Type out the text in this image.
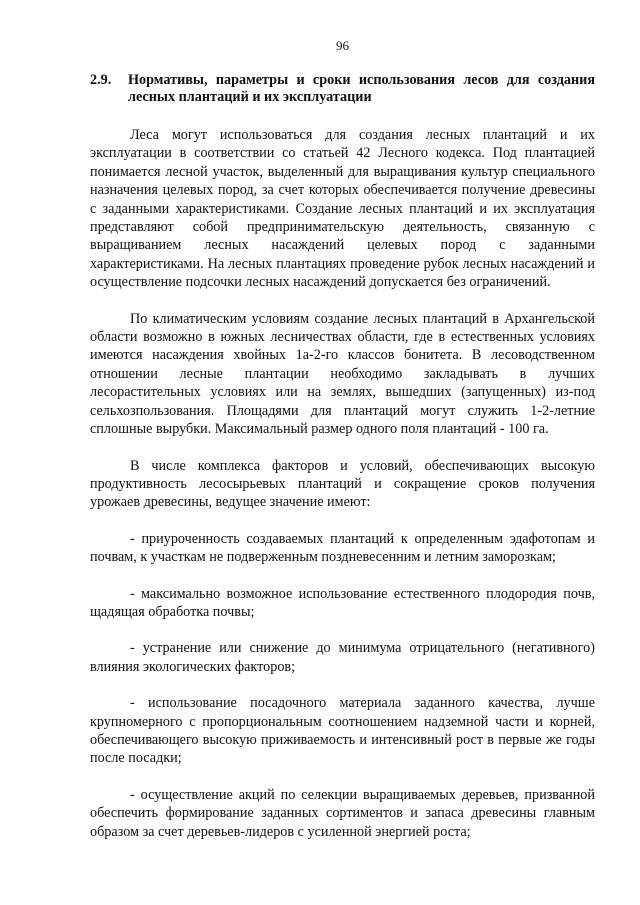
96
2.9.	Нормативы, параметры и сроки использования лесов для создания лесных плантаций и их эксплуатации

Леса могут использоваться для создания лесных плантаций и их эксплуатации в соответствии со статьей 42 Лесного кодекса. Под плантацией понимается лесной участок, выделенный для выращивания культур специального назначения целевых пород, за счет которых обеспечивается получение древесины с заданными характеристиками. Создание лесных плантаций и их эксплуатация представляют собой предпринимательскую деятельность, связанную с выращиванием лесных насаждений целевых пород с заданными характеристиками. На лесных плантациях проведение рубок лесных насаждений и осуществление подсочки лесных насаждений допускается без ограничений.

По климатическим условиям создание лесных плантаций в Архангельской области возможно в южных лесничествах области, где в естественных условиях имеются насаждения хвойных 1а-2-го классов бонитета. В лесоводственном отношении лесные плантации необходимо закладывать в лучших лесорастительных условиях или на землях, вышедших (запущенных) из-под сельхозпользования. Площадями для плантаций могут служить 1-2-летние сплошные вырубки. Максимальный размер одного поля плантаций - 100 га.

В числе комплекса факторов и условий, обеспечивающих высокую продуктивность лесосырьевых плантаций и сокращение сроков получения урожаев древесины, ведущее значение имеют:

- приуроченность создаваемых плантаций к определенным эдафотопам и почвам, к участкам не подверженным поздневесенним и летним заморозкам;

- максимально возможное использование естественного плодородия почв, щадящая обработка почвы;

- устранение или снижение до минимума отрицательного (негативного) влияния экологических факторов;

- использование посадочного материала заданного качества, лучше крупномерного с пропорциональным соотношением надземной части и корней, обеспечивающего высокую приживаемость и интенсивный рост в первые же годы после посадки;

- осуществление акций по селекции выращиваемых деревьев, призванной обеспечить формирование заданных сортиментов и запаса древесины главным образом за счет деревьев-лидеров с усиленной энергией роста;
